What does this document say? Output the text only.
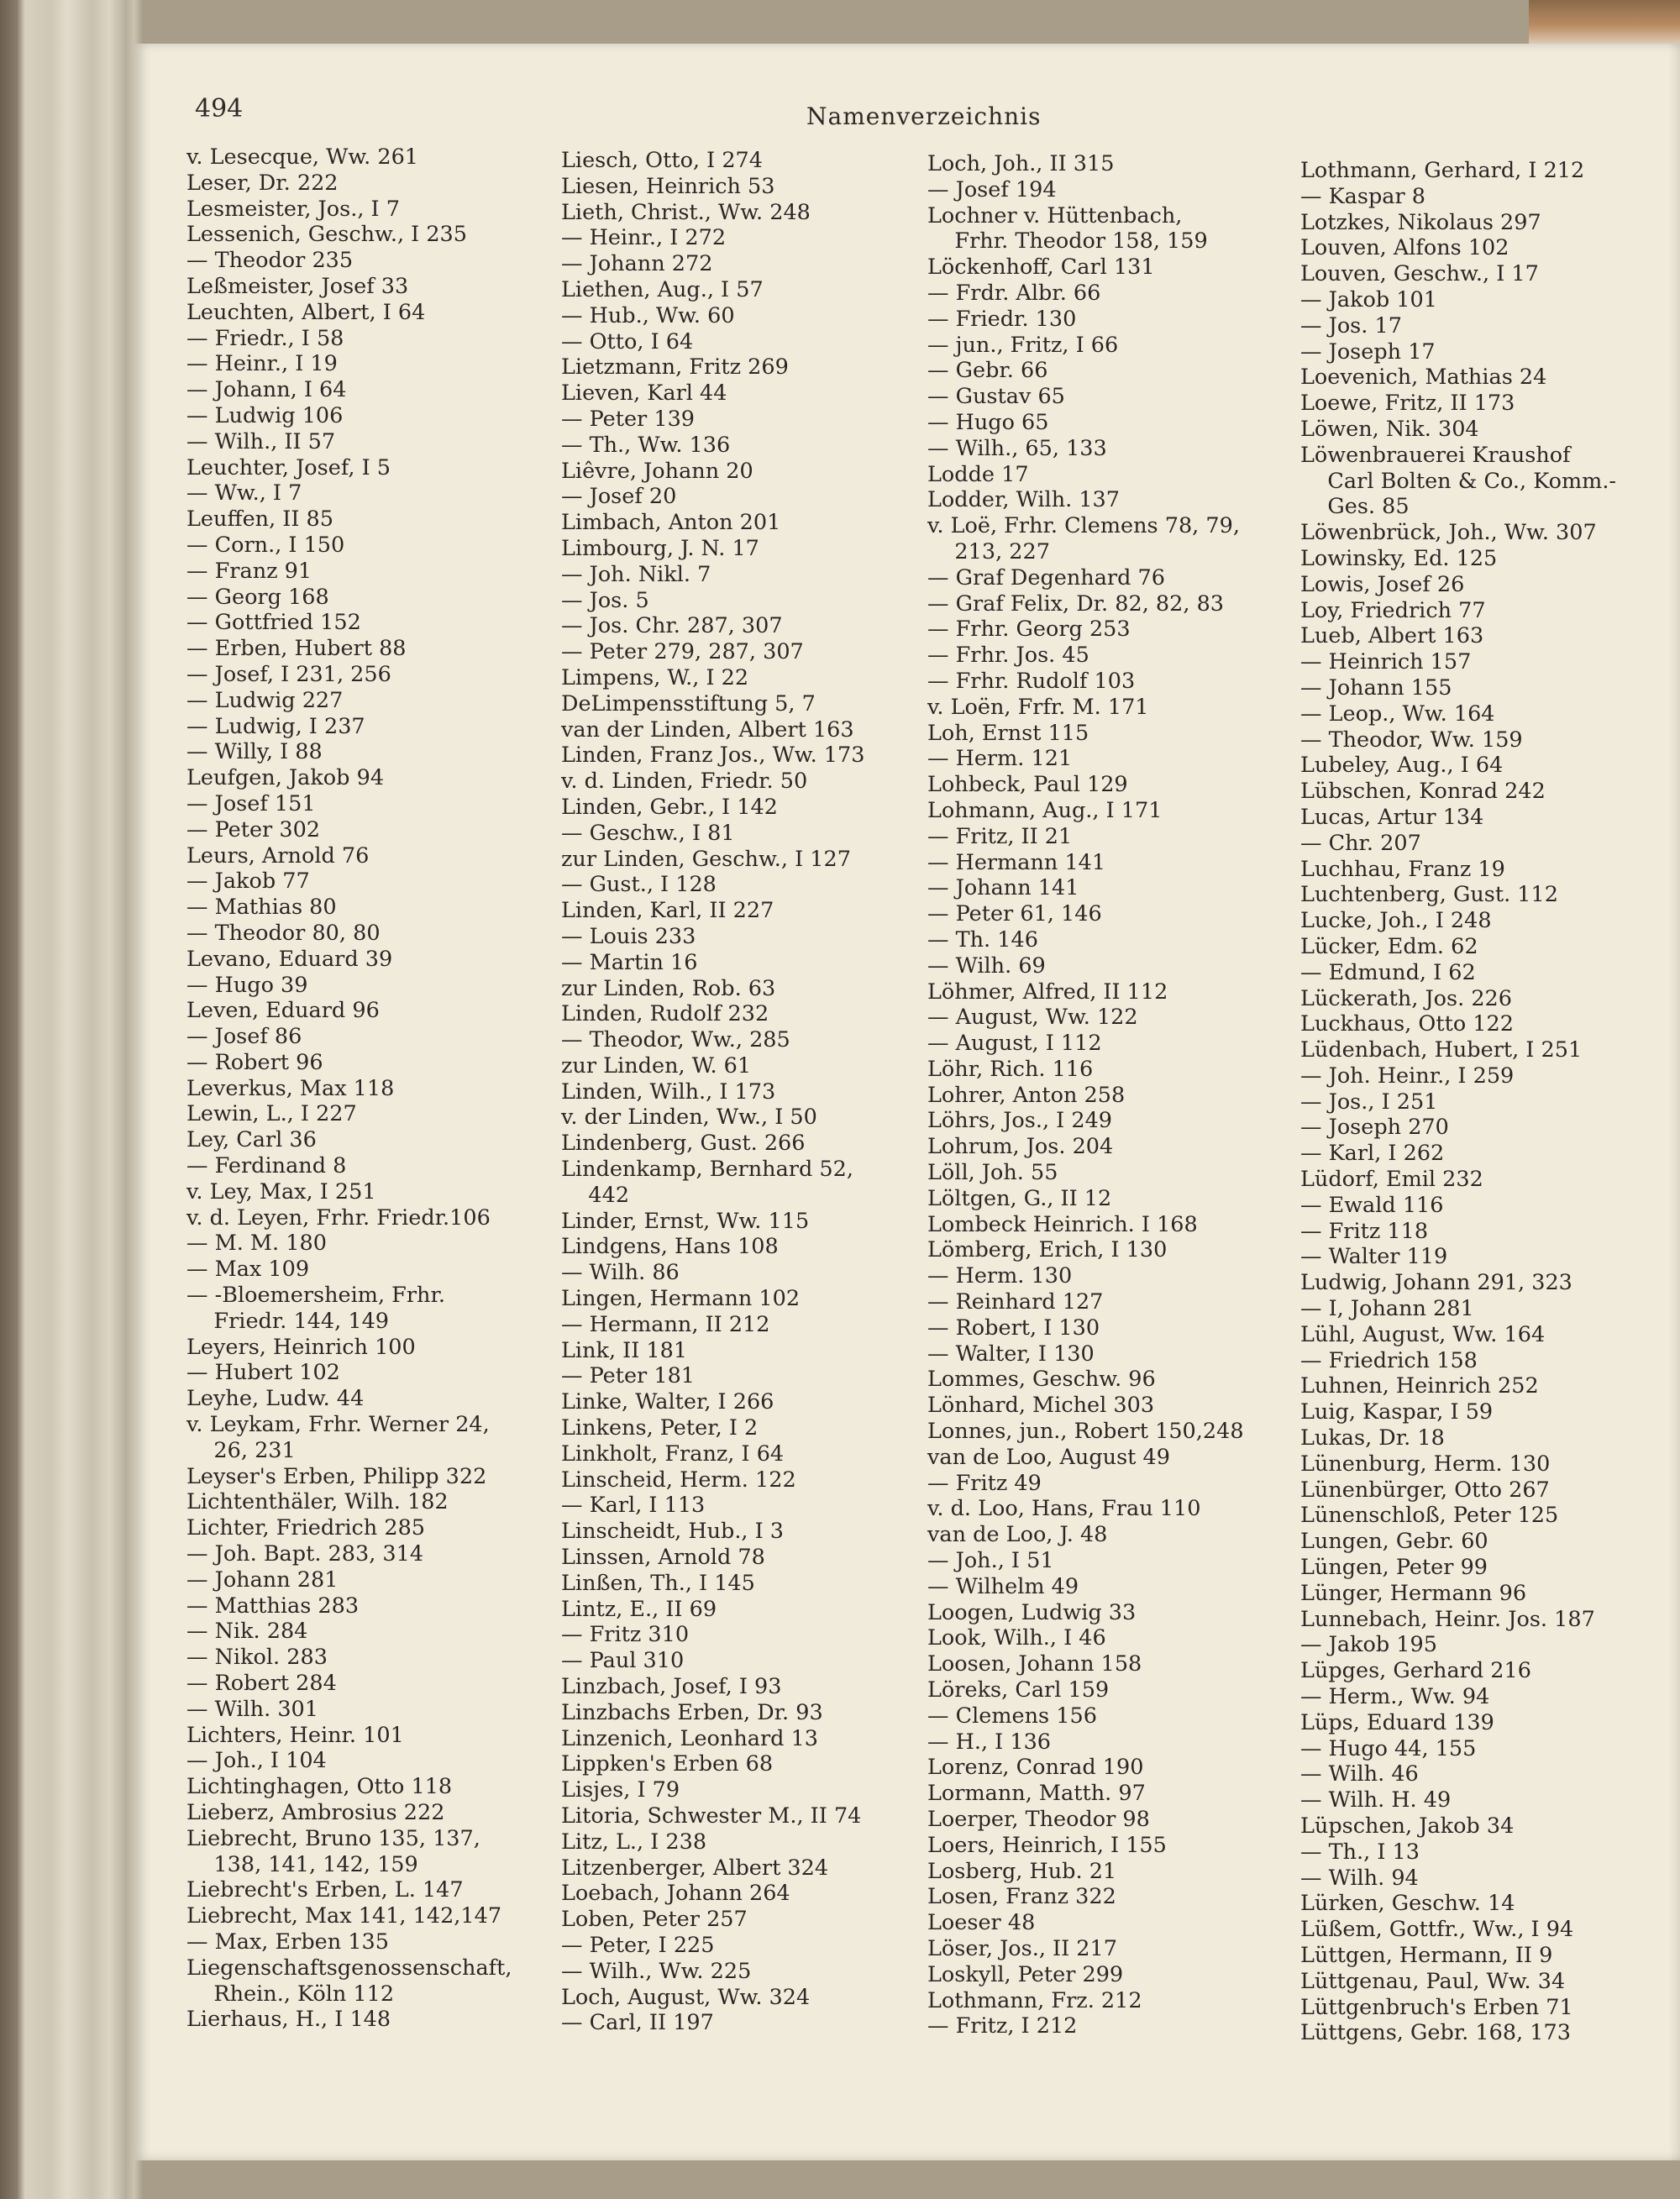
494	Namenverzeichnis
v. Lesecque, Ww. 261
Leser, Dr. 222
Lesmeister, Jos., I 7
Lessenich, Geschw., I 235
— Theodor 235
Leßmeister, Josef 33
Leuchten, Albert, I 64
— Friedr., I 58
— Heinr., I 19
— Johann, I 64
— Ludwig 106
— Wilh., II 57
Leuchter, Josef, I 5
— Ww., I 7
Leuffen, II 85
— Corn., I 150
— Franz 91
— Georg 168
— Gottfried 152
— Erben, Hubert 88
— Josef, I 231, 256
— Ludwig 227
— Ludwig, I 237
— Willy, I 88
Leufgen, Jakob 94
— Josef 151
— Peter 302
Leurs, Arnold 76
— Jakob 77
— Mathias 80
— Theodor 80, 80
Levano, Eduard 39
— Hugo 39
Leven, Eduard 96
— Josef 86
— Robert 96
Leverkus, Max 118
Lewin, L., I 227
Ley, Carl 36
— Ferdinand 8
v. Ley, Max, I 251
v. d. Leyen, Frhr. Friedr.106
— M. M. 180
— Max 109
— -Bloemersheim, Frhr.
Friedr. 144, 149
Leyers, Heinrich 100
— Hubert 102
Leyhe, Ludw. 44
v. Leykam, Frhr. Werner 24,
26, 231
Leyser's Erben, Philipp 322
Lichtenthäler, Wilh. 182
Lichter, Friedrich 285
— Joh. Bapt. 283, 314
— Johann 281
— Matthias 283
— Nik. 284
— Nikol. 283
— Robert 284
— Wilh. 301
Lichters, Heinr. 101
— Joh., I 104
Lichtinghagen, Otto 118
Lieberz, Ambrosius 222
Liebrecht, Bruno 135, 137,
138, 141, 142, 159
Liebrecht's Erben, L. 147
Liebrecht, Max 141, 142,147
— Max, Erben 135
Liegenschaftsgenossenschaft,
Rhein., Köln 112
Lierhaus, H., I 148
Liesch, Otto, I 274
Liesen, Heinrich 53
Lieth, Christ., Ww. 248
— Heinr., I 272
— Johann 272
Liethen, Aug., I 57
— Hub., Ww. 60
— Otto, I 64
Lietzmann, Fritz 269
Lieven, Karl 44
— Peter 139
— Th., Ww. 136
Liêvre, Johann 20
— Josef 20
Limbach, Anton 201
Limbourg, J. N. 17
— Joh. Nikl. 7
— Jos. 5
— Jos. Chr. 287, 307
— Peter 279, 287, 307
Limpens, W., I 22
DeLimpensstiftung 5, 7
van der Linden, Albert 163
Linden, Franz Jos., Ww. 173
v. d. Linden, Friedr. 50
Linden, Gebr., I 142
— Geschw., I 81
zur Linden, Geschw., I 127
— Gust., I 128
Linden, Karl, II 227
— Louis 233
— Martin 16
zur Linden, Rob. 63
Linden, Rudolf 232
— Theodor, Ww., 285
zur Linden, W. 61
Linden, Wilh., I 173
v. der Linden, Ww., I 50
Lindenberg, Gust. 266
Lindenkamp, Bernhard 52,
442
Linder, Ernst, Ww. 115
Lindgens, Hans 108
— Wilh. 86
Lingen, Hermann 102
— Hermann, II 212
Link, II 181
— Peter 181
Linke, Walter, I 266
Linkens, Peter, I 2
Linkholt, Franz, I 64
Linscheid, Herm. 122
— Karl, I 113
Linscheidt, Hub., I 3
Linssen, Arnold 78
Linßen, Th., I 145
Lintz, E., II 69
— Fritz 310
— Paul 310
Linzbach, Josef, I 93
Linzbachs Erben, Dr. 93
Linzenich, Leonhard 13
Lippken's Erben 68
Lisjes, I 79
Litoria, Schwester M., II 74
Litz, L., I 238
Litzenberger, Albert 324
Loebach, Johann 264
Loben, Peter 257
— Peter, I 225
— Wilh., Ww. 225
Loch, August, Ww. 324
— Carl, II 197
Loch, Joh., II 315
— Josef 194
Lochner v. Hüttenbach,
Frhr. Theodor 158, 159
Löckenhoff, Carl 131
— Frdr. Albr. 66
— Friedr. 130
— jun., Fritz, I 66
— Gebr. 66
— Gustav 65
— Hugo 65
— Wilh., 65, 133
Lodde 17
Lodder, Wilh. 137
v. Loë, Frhr. Clemens 78, 79,
213, 227
— Graf Degenhard 76
— Graf Felix, Dr. 82, 82, 83
— Frhr. Georg 253
— Frhr. Jos. 45
— Frhr. Rudolf 103
v. Loën, Frfr. M. 171
Loh, Ernst 115
— Herm. 121
Lohbeck, Paul 129
Lohmann, Aug., I 171
— Fritz, II 21
— Hermann 141
— Johann 141
— Peter 61, 146
— Th. 146
— Wilh. 69
Löhmer, Alfred, II 112
— August, Ww. 122
— August, I 112
Löhr, Rich. 116
Lohrer, Anton 258
Löhrs, Jos., I 249
Lohrum, Jos. 204
Löll, Joh. 55
Löltgen, G., II 12
Lombeck Heinrich. I 168
Lömberg, Erich, I 130
— Herm. 130
— Reinhard 127
— Robert, I 130
— Walter, I 130
Lommes, Geschw. 96
Lönhard, Michel 303
Lonnes, jun., Robert 150,248
van de Loo, August 49
— Fritz 49
v. d. Loo, Hans, Frau 110
van de Loo, J. 48
— Joh., I 51
— Wilhelm 49
Loogen, Ludwig 33
Look, Wilh., I 46
Loosen, Johann 158
Löreks, Carl 159
— Clemens 156
— H., I 136
Lorenz, Conrad 190
Lormann, Matth. 97
Loerper, Theodor 98
Loers, Heinrich, I 155
Losberg, Hub. 21
Losen, Franz 322
Loeser 48
Löser, Jos., II 217
Loskyll, Peter 299
Lothmann, Frz. 212
— Fritz, I 212
Lothmann, Gerhard, I 212
— Kaspar 8
Lotzkes, Nikolaus 297
Louven, Alfons 102
Louven, Geschw., I 17
— Jakob 101
— Jos. 17
— Joseph 17
Loevenich, Mathias 24
Loewe, Fritz, II 173
Löwen, Nik. 304
Löwenbrauerei Kraushof
Carl Bolten & Co., Komm.-
Ges. 85
Löwenbrück, Joh., Ww. 307
Lowinsky, Ed. 125
Lowis, Josef 26
Loy, Friedrich 77
Lueb, Albert 163
— Heinrich 157
— Johann 155
— Leop., Ww. 164
— Theodor, Ww. 159
Lubeley, Aug., I 64
Lübschen, Konrad 242
Lucas, Artur 134
— Chr. 207
Luchhau, Franz 19
Luchtenberg, Gust. 112
Lucke, Joh., I 248
Lücker, Edm. 62
— Edmund, I 62
Lückerath, Jos. 226
Luckhaus, Otto 122
Lüdenbach, Hubert, I 251
— Joh. Heinr., I 259
— Jos., I 251
— Joseph 270
— Karl, I 262
Lüdorf, Emil 232
— Ewald 116
— Fritz 118
— Walter 119
Ludwig, Johann 291, 323
— I, Johann 281
Lühl, August, Ww. 164
— Friedrich 158
Luhnen, Heinrich 252
Luig, Kaspar, I 59
Lukas, Dr. 18
Lünenburg, Herm. 130
Lünenbürger, Otto 267
Lünenschloß, Peter 125
Lungen, Gebr. 60
Lüngen, Peter 99
Lünger, Hermann 96
Lunnebach, Heinr. Jos. 187
— Jakob 195
Lüpges, Gerhard 216
— Herm., Ww. 94
Lüps, Eduard 139
— Hugo 44, 155
— Wilh. 46
— Wilh. H. 49
Lüpschen, Jakob 34
— Th., I 13
— Wilh. 94
Lürken, Geschw. 14
Lüßem, Gottfr., Ww., I 94
Lüttgen, Hermann, II 9
Lüttgenau, Paul, Ww. 34
Lüttgenbruch's Erben 71
Lüttgens, Gebr. 168, 173
